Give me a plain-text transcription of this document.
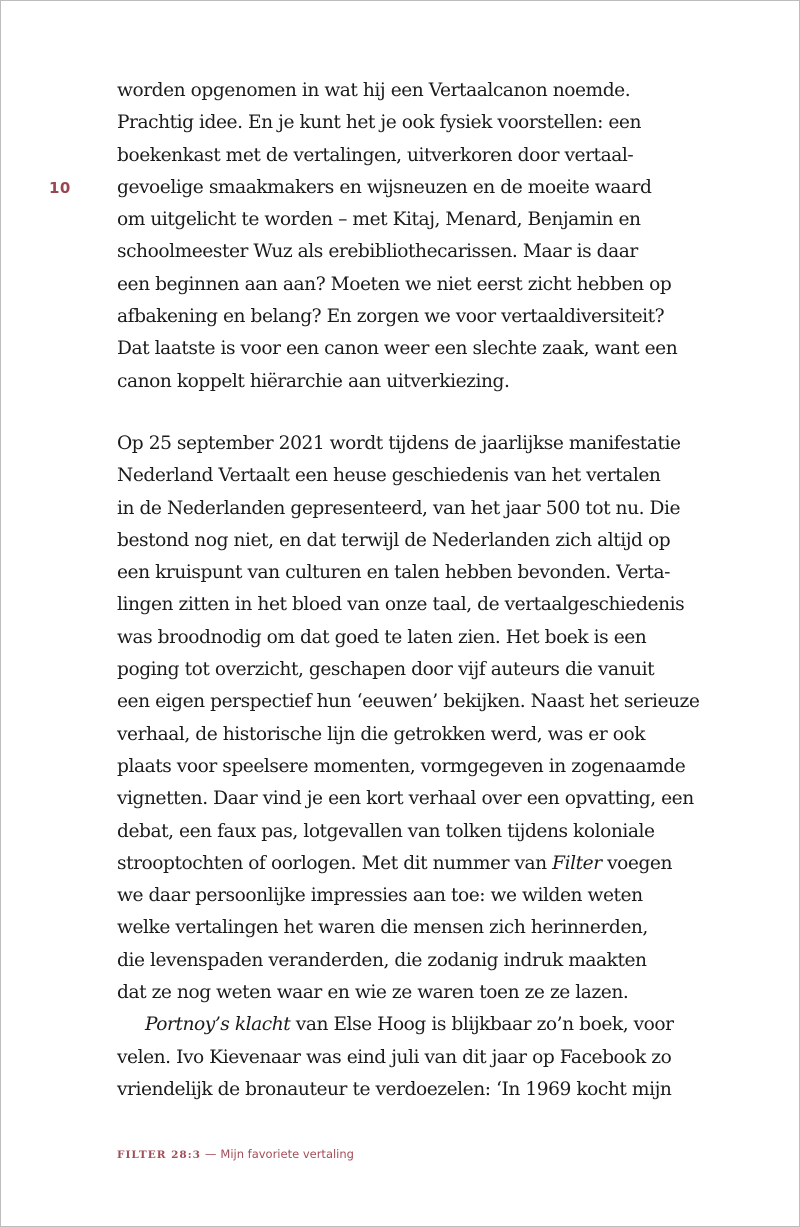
10
worden opgenomen in wat hij een Vertaalcanon noemde.
Prachtig idee. En je kunt het je ook fysiek voorstellen: een
boekenkast met de vertalingen, uitverkoren door vertaal-
gevoelige smaakmakers en wijsneuzen en de moeite waard
om uitgelicht te worden – met Kitaj, Menard, Benjamin en
schoolmeester Wuz als erebibliothecarissen. Maar is daar
een beginnen aan aan? Moeten we niet eerst zicht hebben op
afbakening en belang? En zorgen we voor vertaaldiversiteit?
Dat laatste is voor een canon weer een slechte zaak, want een
canon koppelt hiërarchie aan uitverkiezing.
Op 25 september 2021 wordt tijdens de jaarlijkse manifestatie
Nederland Vertaalt een heuse geschiedenis van het vertalen
in de Nederlanden gepresenteerd, van het jaar 500 tot nu. Die
bestond nog niet, en dat terwijl de Nederlanden zich altijd op
een kruispunt van culturen en talen hebben bevonden. Verta-
lingen zitten in het bloed van onze taal, de vertaalgeschiedenis
was broodnodig om dat goed te laten zien. Het boek is een
poging tot overzicht, geschapen door vijf auteurs die vanuit
een eigen perspectief hun ‘eeuwen’ bekijken. Naast het serieuze
verhaal, de historische lijn die getrokken werd, was er ook
plaats voor speelsere momenten, vormgegeven in zogenaamde
vignetten. Daar vind je een kort verhaal over een opvatting, een
debat, een faux pas, lotgevallen van tolken tijdens koloniale
strooptochten of oorlogen. Met dit nummer van Filter voegen
we daar persoonlijke impressies aan toe: we wilden weten
welke vertalingen het waren die mensen zich herinnerden,
die levenspaden veranderden, die zodanig indruk maakten
dat ze nog weten waar en wie ze waren toen ze ze lazen.
Portnoy’s klacht van Else Hoog is blijkbaar zo’n boek, voor
velen. Ivo Kievenaar was eind juli van dit jaar op Facebook zo
vriendelijk de bronauteur te verdoezelen: ‘In 1969 kocht mijn
FILTER 28:3 — Mijn favoriete vertaling
